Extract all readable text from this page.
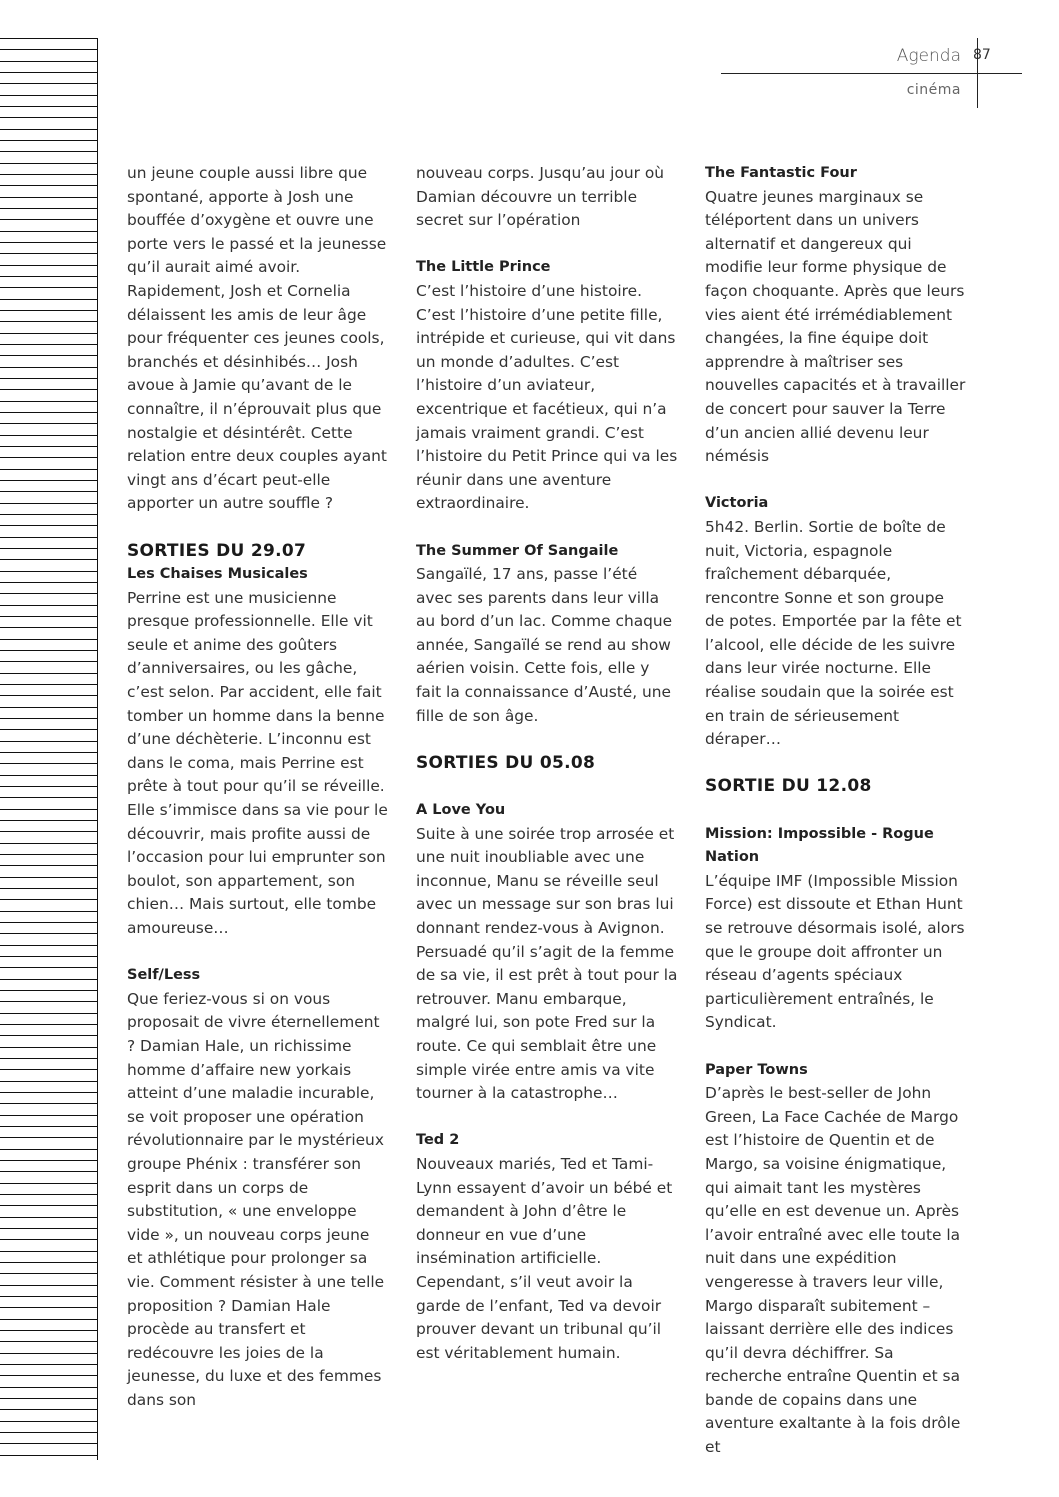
Agenda 87
cinéma

un jeune couple aussi libre que spontané, apporte à Josh une bouffée d’oxygène et ouvre une porte vers le passé et la jeunesse qu’il aurait aimé avoir. Rapidement, Josh et Cornelia délaissent les amis de leur âge pour fréquenter ces jeunes cools, branchés et désinhibés… Josh avoue à Jamie qu’avant de le connaître, il n’éprouvait plus que nostalgie et désintérêt. Cette relation entre deux couples ayant vingt ans d’écart peut-elle apporter un autre souffle ?

SORTIES DU 29.07

Les Chaises Musicales

Perrine est une musicienne presque professionnelle. Elle vit seule et anime des goûters d’anniversaires, ou les gâche, c’est selon. Par accident, elle fait tomber un homme dans la benne d’une déchèterie. L’inconnu est dans le coma, mais Perrine est prête à tout pour qu’il se réveille. Elle s’immisce dans sa vie pour le découvrir, mais profite aussi de l’occasion pour lui emprunter son boulot, son appartement, son chien… Mais surtout, elle tombe amoureuse…

Self/Less

Que feriez-vous si on vous proposait de vivre éternellement ? Damian Hale, un richissime homme d’affaire new yorkais atteint d’une maladie incurable, se voit proposer une opération révolutionnaire par le mystérieux groupe Phénix : transférer son esprit dans un corps de substitution, « une enveloppe vide », un nouveau corps jeune et athlétique pour prolonger sa vie. Comment résister à une telle proposition ? Damian Hale procède au transfert et redécouvre les joies de la jeunesse, du luxe et des femmes dans son

nouveau corps. Jusqu’au jour où Damian découvre un terrible secret sur l’opération

The Little Prince

C’est l’histoire d’une histoire. C’est l’histoire d’une petite fille, intrépide et curieuse, qui vit dans un monde d’adultes. C’est l’histoire d’un aviateur, excentrique et facétieux, qui n’a jamais vraiment grandi. C’est l’histoire du Petit Prince qui va les réunir dans une aventure extraordinaire.

The Summer Of Sangaile

Sangaïlé, 17 ans, passe l’été avec ses parents dans leur villa au bord d’un lac. Comme chaque année, Sangaïlé se rend au show aérien voisin. Cette fois, elle y fait la connaissance d’Austé, une fille de son âge.

SORTIES DU 05.08

A Love You

Suite à une soirée trop arrosée et une nuit inoubliable avec une inconnue, Manu se réveille seul avec un message sur son bras lui donnant rendez-vous à Avignon. Persuadé qu’il s’agit de la femme de sa vie, il est prêt à tout pour la retrouver. Manu embarque, malgré lui, son pote Fred sur la route. Ce qui semblait être une simple virée entre amis va vite tourner à la catastrophe…

Ted 2

Nouveaux mariés, Ted et Tami-Lynn essayent d’avoir un bébé et demandent à John d’être le donneur en vue d’une insémination artificielle. Cependant, s’il veut avoir la garde de l’enfant, Ted va devoir prouver devant un tribunal qu’il est véritablement humain.

The Fantastic Four

Quatre jeunes marginaux se téléportent dans un univers alternatif et dangereux qui modifie leur forme physique de façon choquante. Après que leurs vies aient été irrémédiablement changées, la fine équipe doit apprendre à maîtriser ses nouvelles capacités et à travailler de concert pour sauver la Terre d’un ancien allié devenu leur némésis

Victoria

5h42. Berlin. Sortie de boîte de nuit, Victoria, espagnole fraîchement débarquée, rencontre Sonne et son groupe de potes. Emportée par la fête et l’alcool, elle décide de les suivre dans leur virée nocturne. Elle réalise soudain que la soirée est en train de sérieusement déraper…

SORTIE DU 12.08

Mission: Impossible - Rogue Nation

L’équipe IMF (Impossible Mission Force) est dissoute et Ethan Hunt se retrouve désormais isolé, alors que le groupe doit affronter un réseau d’agents spéciaux particulièrement entraînés, le Syndicat.

Paper Towns

D’après le best-seller de John Green, La Face Cachée de Margo est l’histoire de Quentin et de Margo, sa voisine énigmatique, qui aimait tant les mystères qu’elle en est devenue un. Après l’avoir entraîné avec elle toute la nuit dans une expédition vengeresse à travers leur ville, Margo disparaît subitement – laissant derrière elle des indices qu’il devra déchiffrer. Sa recherche entraîne Quentin et sa bande de copains dans une aventure exaltante à la fois drôle et
